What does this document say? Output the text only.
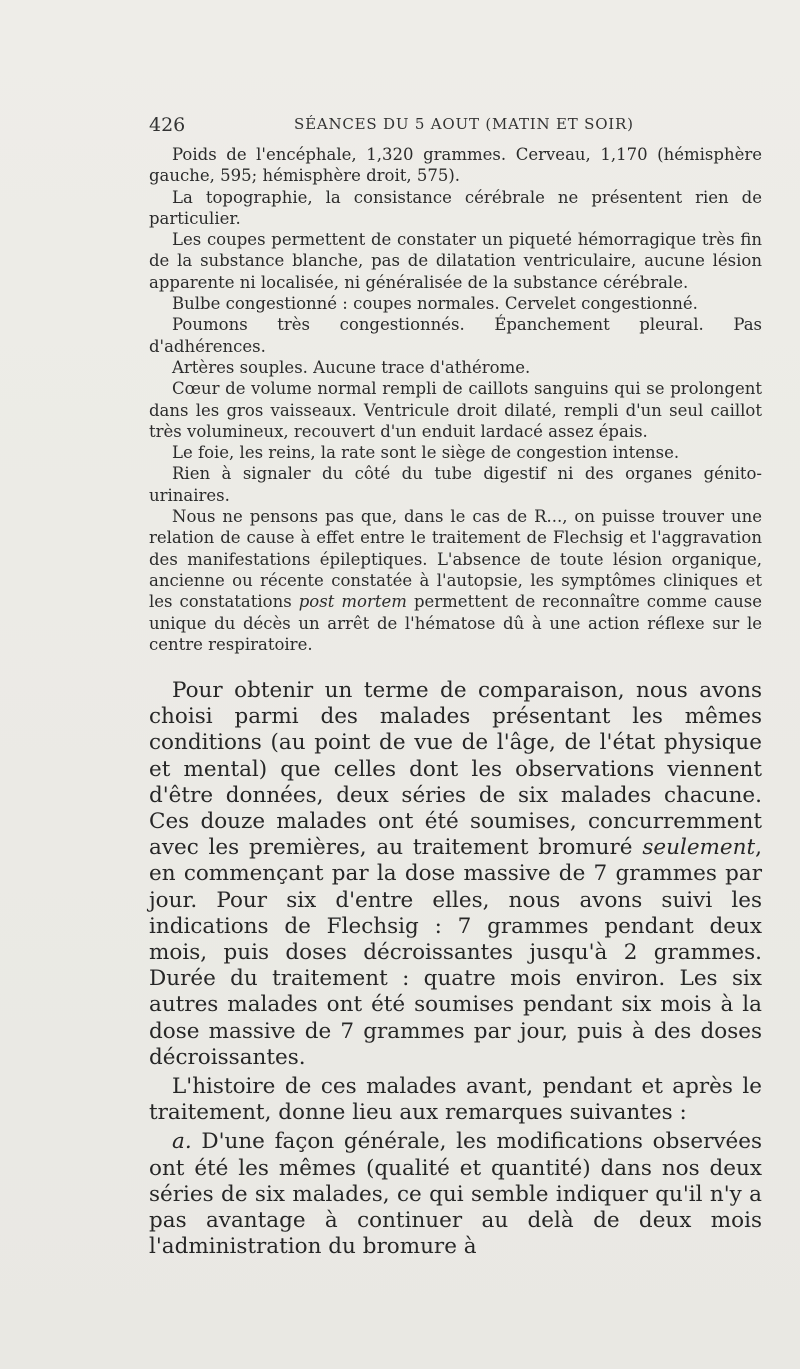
426	SÉANCES DU 5 AOUT (MATIN ET SOIR)

Poids de l'encéphale, 1,320 grammes. Cerveau, 1,170 (hémisphère gauche, 595; hémisphère droit, 575).

La topographie, la consistance cérébrale ne présentent rien de particulier.

Les coupes permettent de constater un piqueté hémorragique très fin de la substance blanche, pas de dilatation ventriculaire, aucune lésion apparente ni localisée, ni généralisée de la substance cérébrale.

Bulbe congestionné : coupes normales. Cervelet congestionné.

Poumons très congestionnés. Épanchement pleural. Pas d'adhérences.

Artères souples. Aucune trace d'athérome.

Cœur de volume normal rempli de caillots sanguins qui se prolongent dans les gros vaisseaux. Ventricule droit dilaté, rempli d'un seul caillot très volumineux, recouvert d'un enduit lardacé assez épais.

Le foie, les reins, la rate sont le siège de congestion intense.

Rien à signaler du côté du tube digestif ni des organes génito-urinaires.

Nous ne pensons pas que, dans le cas de R..., on puisse trouver une relation de cause à effet entre le traitement de Flechsig et l'aggravation des manifestations épileptiques. L'absence de toute lésion organique, ancienne ou récente constatée à l'autopsie, les symptômes cliniques et les constatations post mortem permettent de reconnaître comme cause unique du décès un arrêt de l'hématose dû à une action réflexe sur le centre respiratoire.

Pour obtenir un terme de comparaison, nous avons choisi parmi des malades présentant les mêmes conditions (au point de vue de l'âge, de l'état physique et mental) que celles dont les observations viennent d'être données, deux séries de six malades chacune. Ces douze malades ont été soumises, concurremment avec les premières, au traitement bromuré seulement, en commençant par la dose massive de 7 grammes par jour. Pour six d'entre elles, nous avons suivi les indications de Flechsig : 7 grammes pendant deux mois, puis doses décroissantes jusqu'à 2 grammes. Durée du traitement : quatre mois environ. Les six autres malades ont été soumises pendant six mois à la dose massive de 7 grammes par jour, puis à des doses décroissantes.

L'histoire de ces malades avant, pendant et après le traitement, donne lieu aux remarques suivantes :

a. D'une façon générale, les modifications observées ont été les mêmes (qualité et quantité) dans nos deux séries de six malades, ce qui semble indiquer qu'il n'y a pas avantage à continuer au delà de deux mois l'administration du bromure à
